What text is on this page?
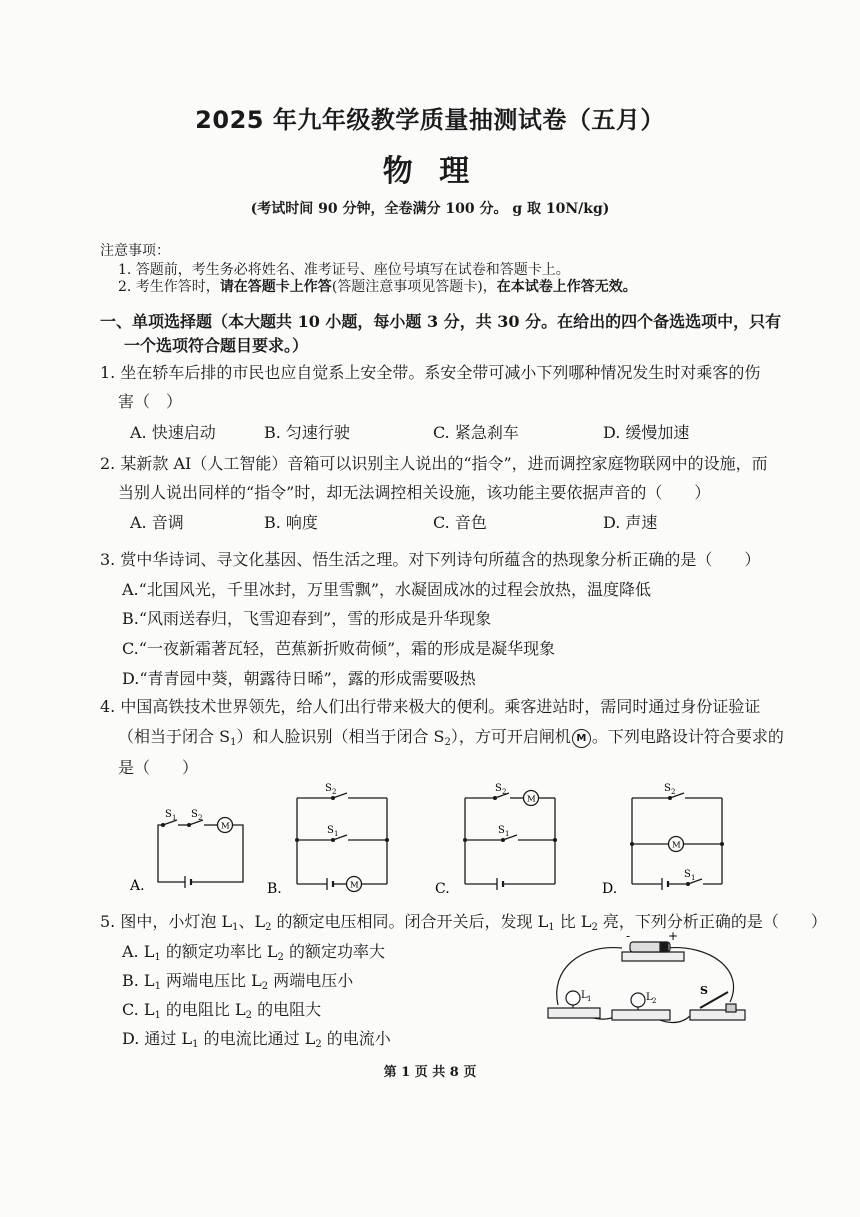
2025 年九年级教学质量抽测试卷（五月）
物 理
(考试时间 90 分钟，全卷满分 100 分。 g 取 10N/kg)
注意事项：
1. 答题前，考生务必将姓名、准考证号、座位号填写在试卷和答题卡上。
2. 考生作答时，请在答题卡上作答(答题注意事项见答题卡)，在本试卷上作答无效。
一、单项选择题（本大题共 10 小题，每小题 3 分，共 30 分。在给出的四个备选选项中，只有
一个选项符合题目要求。）
1. 坐在轿车后排的市民也应自觉系上安全带。系安全带可减小下列哪种情况发生时对乘客的伤
害（　）
A. 快速启动	B. 匀速行驶	C. 紧急刹车	D. 缓慢加速
2. 某新款 AI（人工智能）音箱可以识别主人说出的“指令”，进而调控家庭物联网中的设施，而
当别人说出同样的“指令”时，却无法调控相关设施，该功能主要依据声音的（　　）
A. 音调	B. 响度	C. 音色	D. 声速
3. 赏中华诗词、寻文化基因、悟生活之理。对下列诗句所蕴含的热现象分析正确的是（　　）
A.“北国风光，千里冰封，万里雪飘”，水凝固成冰的过程会放热，温度降低
B.“风雨送春归，飞雪迎春到”，雪的形成是升华现象
C.“一夜新霜著瓦轻，芭蕉新折败荷倾”，霜的形成是凝华现象
D.“青青园中葵，朝露待日晞”，露的形成需要吸热
4. 中国高铁技术世界领先，给人们出行带来极大的便利。乘客进站时，需同时通过身份证验证
（相当于闭合 $S_1$）和人脸识别（相当于闭合 $S_2$），方可开启闸机 M 。下列电路设计符合要求的
是（　　）
M
S 1 S 2
A.	M
S 2
S 1
B.
M
S 2
S 1
C.
M
S 2
S 1
D.
5. 图中，小灯泡 $L_1$、$L_2$ 的额定电压相同。闭合开关后，发现 $L_1$ 比 $L_2$ 亮，下列分析正确的是（　　）
A. $L_1$ 的额定功率比 $L_2$ 的额定功率大
B. $L_1$ 两端电压比 $L_2$ 两端电压小
C. $L_1$ 的电阻比 $L_2$ 的电阻大
D. 通过 $L_1$ 的电流比通过 $L_2$ 的电流小
-	+
L 1	L 2
S
第 1 页 共 8 页
